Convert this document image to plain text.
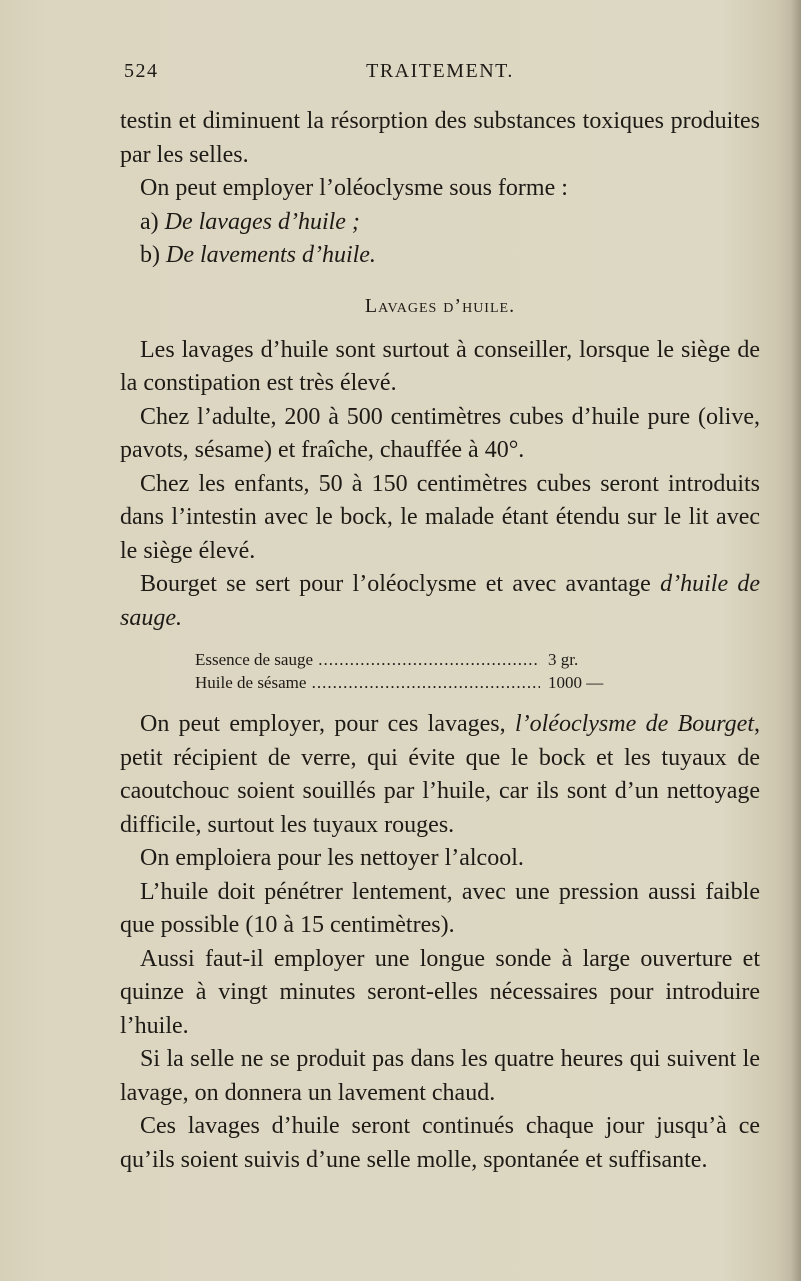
524	TRAITEMENT.

testin et diminuent la résorption des substances toxiques produites par les selles.

On peut employer l’oléoclysme sous forme :

a) De lavages d’huile ;

b) De lavements d’huile.

Lavages d’huile.

Les lavages d’huile sont surtout à conseiller, lorsque le siège de la constipation est très élevé.

Chez l’adulte, 200 à 500 centimètres cubes d’huile pure (olive, pavots, sésame) et fraîche, chauffée à 40°.

Chez les enfants, 50 à 150 centimètres cubes seront introduits dans l’intestin avec le bock, le malade étant étendu sur le lit avec le siège élevé.

Bourget se sert pour l’oléoclysme et avec avantage d’huile de sauge.

Essence de sauge .....	3 gr.
Huile de sésame .....	1000 —

On peut employer, pour ces lavages, l’oléoclysme de Bourget, petit récipient de verre, qui évite que le bock et les tuyaux de caoutchouc soient souillés par l’huile, car ils sont d’un nettoyage difficile, surtout les tuyaux rouges.

On emploiera pour les nettoyer l’alcool.

L’huile doit pénétrer lentement, avec une pression aussi faible que possible (10 à 15 centimètres).

Aussi faut-il employer une longue sonde à large ouverture et quinze à vingt minutes seront-elles nécessaires pour introduire l’huile.

Si la selle ne se produit pas dans les quatre heures qui suivent le lavage, on donnera un lavement chaud.

Ces lavages d’huile seront continués chaque jour jusqu’à ce qu’ils soient suivis d’une selle molle, spontanée et suffisante.
